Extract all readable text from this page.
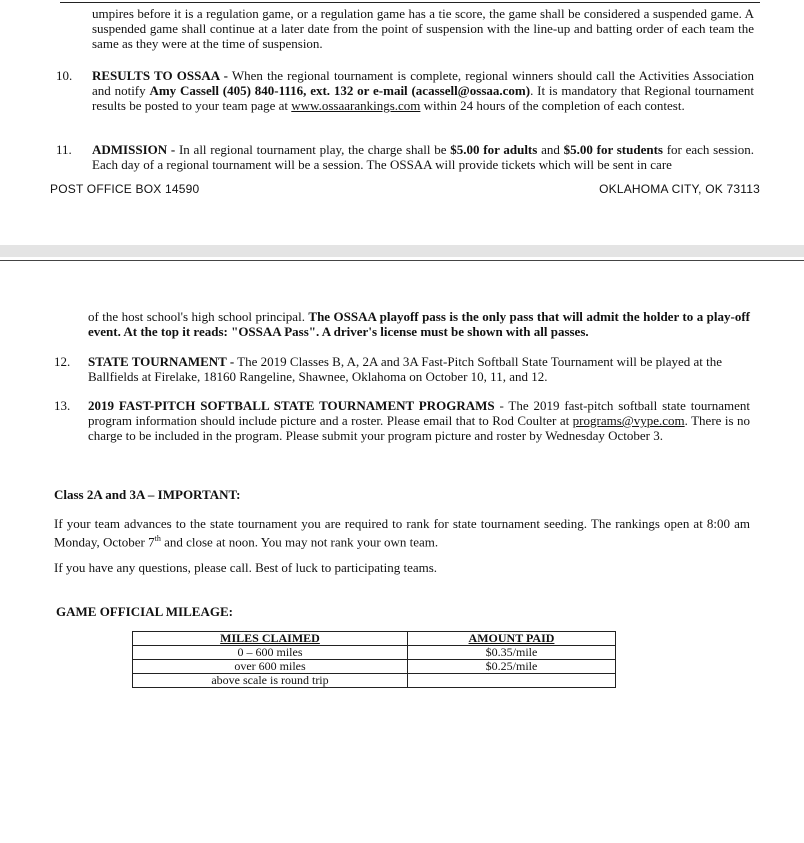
umpires before it is a regulation game, or a regulation game has a tie score, the game shall be considered a suspended game. A suspended game shall continue at a later date from the point of suspension with the line-up and batting order of each team the same as they were at the time of suspension.
10. RESULTS TO OSSAA - When the regional tournament is complete, regional winners should call the Activities Association and notify Amy Cassell (405) 840-1116, ext. 132 or e-mail (acassell@ossaa.com). It is mandatory that Regional tournament results be posted to your team page at www.ossaarankings.com within 24 hours of the completion of each contest.
11. ADMISSION - In all regional tournament play, the charge shall be $5.00 for adults and $5.00 for students for each session. Each day of a regional tournament will be a session. The OSSAA will provide tickets which will be sent in care
POST OFFICE BOX 14590	OKLAHOMA CITY, OK 73113
of the host school's high school principal. The OSSAA playoff pass is the only pass that will admit the holder to a play-off event. At the top it reads: "OSSAA Pass". A driver's license must be shown with all passes.
12. STATE TOURNAMENT - The 2019 Classes B, A, 2A and 3A Fast-Pitch Softball State Tournament will be played at the Ballfields at Firelake, 18160 Rangeline, Shawnee, Oklahoma on October 10, 11, and 12.
13. 2019 FAST-PITCH SOFTBALL STATE TOURNAMENT PROGRAMS - The 2019 fast-pitch softball state tournament program information should include picture and a roster. Please email that to Rod Coulter at programs@vype.com. There is no charge to be included in the program. Please submit your program picture and roster by Wednesday October 3.
Class 2A and 3A – IMPORTANT:
If your team advances to the state tournament you are required to rank for state tournament seeding. The rankings open at 8:00 am Monday, October 7th and close at noon. You may not rank your own team.
If you have any questions, please call. Best of luck to participating teams.
GAME OFFICIAL MILEAGE:
MILES CLAIMED	AMOUNT PAID
0 – 600 miles	$0.35/mile
over 600 miles	$0.25/mile
above scale is round trip	
